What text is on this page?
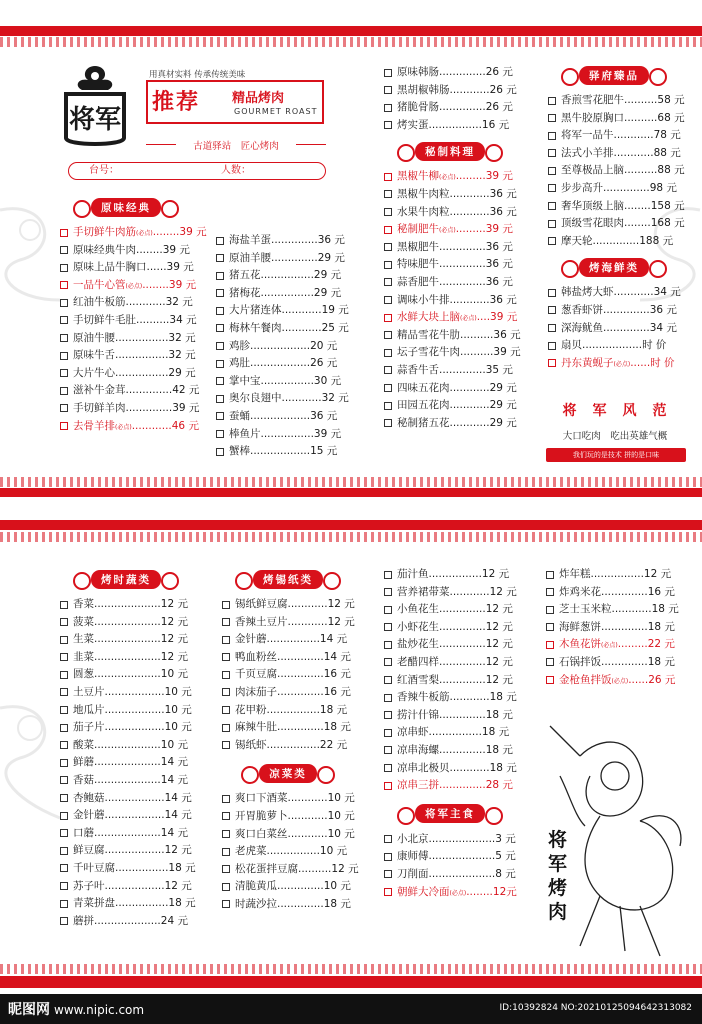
将军
用真材实料 传承传统美味
推荐 精品烤肉
GOURMET ROAST
古道驿站　匠心烤肉
台号：	人数：
原味经典
手切鲜牛肉筋(必点)........39 元
原味经典牛肉........39 元
原味上品牛胸口......39 元
一品牛心管(必点)........39 元
红油牛板筋............32 元
手切鲜牛毛肚..........34 元
原油牛腰................32 元
原味牛舌................32 元
大片牛心................29 元
滋补牛金茸..............42 元
手切鲜羊肉..............39 元
去骨羊排(必点)............46 元
海盐羊蛋..............36 元
原油羊腰..............29 元
猪五花................29 元
猪梅花................29 元
大片猪连体............19 元
梅林午餐肉............25 元
鸡胗..................20 元
鸡肚..................26 元
掌中宝................30 元
奥尔良翅中............32 元
蚕蛹..................36 元
棒鱼片................39 元
蟹棒..................15 元
原味韩肠..............26 元
黑胡椒韩肠............26 元
猪脆骨肠..............26 元
烤实蛋................16 元
秘制料理
黑椒牛柳(必点).........39 元
黑椒牛肉粒............36 元
水果牛肉粒............36 元
秘制肥牛(必点).........39 元
黑椒肥牛..............36 元
特味肥牛..............36 元
蒜香肥牛..............36 元
调味小牛排............36 元
水鲜大块上脑(必点)....39 元
精品雪花牛肋..........36 元
坛子雪花牛肉..........39 元
蒜香牛舌..............35 元
四味五花肉............29 元
田园五花肉............29 元
秘制猪五花............29 元
驿府臻品
香煎雪花肥牛..........58 元
黑牛胶原胸口..........68 元
将军一品牛............78 元
法式小羊排............88 元
至尊极品上脑..........88 元
步步高升..............98 元
奢华顶级上脑........158 元
顶级雪花眼肉........168 元
摩天轮..............188 元
烤海鲜类
韩盐烤大虾............34 元
葱香虾饼..............36 元
深海鱿鱼..............34 元
扇贝..................时 价
丹东黄蚬子(必点)......时 价
将	军	风	范
大口吃肉　吃出英雄气概
我们玩的是技术 拼的是口味
烤时蔬类
香菜....................12 元
菠菜....................12 元
生菜....................12 元
韭菜....................12 元
圆葱....................10 元
土豆片..................10 元
地瓜片..................10 元
茄子片..................10 元
酸菜....................10 元
鲜蘑....................14 元
香菇....................14 元
杏鲍菇..................14 元
金针蘑..................14 元
口蘑....................14 元
鲜豆腐..................12 元
千叶豆腐................18 元
苏子叶..................12 元
青菜拼盘................18 元
蘑拼....................24 元
烤锡纸类
锡纸鲜豆腐............12 元
香辣土豆片............12 元
金针蘑................14 元
鸭血粉丝..............14 元
千页豆腐..............16 元
肉沫茄子..............16 元
花甲粉................18 元
麻辣牛肚..............18 元
锡纸虾................22 元
凉菜类
爽口下酒菜............10 元
开胃脆萝卜............10 元
爽口白菜丝............10 元
老虎菜................10 元
松花蛋拌豆腐..........12 元
清脆黄瓜..............10 元
时蔬沙拉..............18 元
茄汁鱼................12 元
营养裙带菜............12 元
小鱼花生..............12 元
小虾花生..............12 元
盐炒花生..............12 元
老醋四样..............12 元
红酒雪梨..............12 元
香辣牛板筋............18 元
捞汁什锦..............18 元
凉串虾................18 元
凉串海螺..............18 元
凉串北极贝............18 元
凉串三拼..............28 元
将军主食
小北京....................3 元
康师傅....................5 元
刀削面....................8 元
朝鲜大冷面(必点)........12元
炸年糕................12 元
炸鸡米花..............16 元
芝士玉米粒............18 元
海鲜葱饼..............18 元
木鱼花饼(必点).........22 元
石锅拌饭..............18 元
金枪鱼拌饭(必点)......26 元
将军烤肉
昵图网 www.nipic.com	ID:10392824 NO:20210125094642313082
